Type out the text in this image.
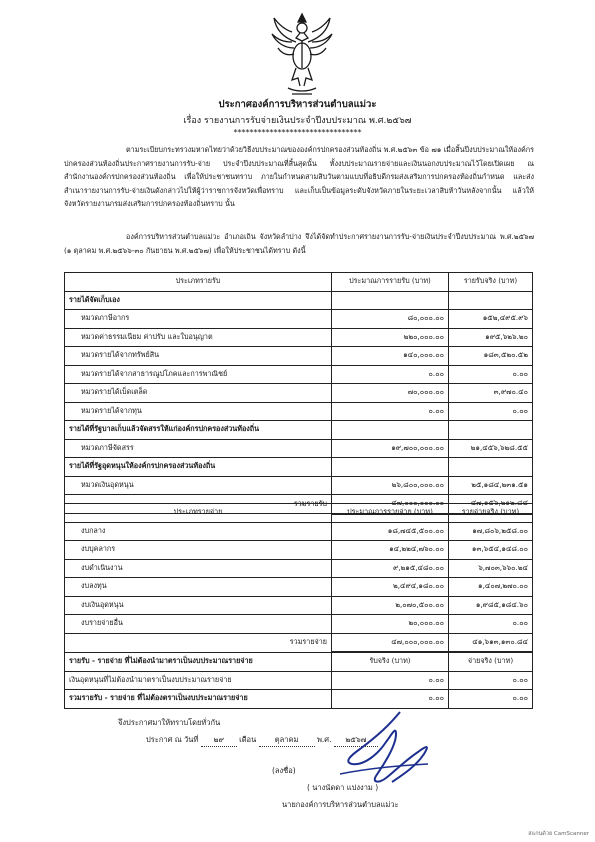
ประกาศองค์การบริหารส่วนตำบลแม่วะ
เรื่อง รายงานการรับจ่ายเงินประจำปีงบประมาณ พ.ศ.๒๕๖๗
********************************
ตามระเบียบกระทรวงมหาดไทยว่าด้วยวิธีงบประมาณขององค์กรปกครองส่วนท้องถิ่น พ.ศ.๒๕๖๓ ข้อ ๗๑ เมื่อสิ้นปีงบประมาณให้องค์กรปกครองส่วนท้องถิ่นประกาศรายงานการรับ-จ่าย ประจำปีงบประมาณที่สิ้นสุดนั้น ทั้งงบประมาณรายจ่ายและเงินนอกงบประมาณไว้โดยเปิดเผย ณ สำนักงานองค์กรปกครองส่วนท้องถิ่น เพื่อให้ประชาชนทราบ ภายในกำหนดสามสิบวันตามแบบที่อธิบดีกรมส่งเสริมการปกครองท้องถิ่นกำหนด และส่งสำเนารายงานการรับ-จ่ายเงินดังกล่าวไปให้ผู้ว่าราชการจังหวัดเพื่อทราบ และเก็บเป็นข้อมูลระดับจังหวัดภายในระยะเวลาสิบห้าวันหลังจากนั้น แล้วให้จังหวัดรายงานกรมส่งเสริมการปกครองท้องถิ่นทราบ นั้น
องค์การบริหารส่วนตำบลแม่วะ อำเภอเถิน จังหวัดลำปาง จึงได้จัดทำประกาศรายงานการรับ-จ่ายเงินประจำปีงบประมาณ พ.ศ.๒๕๖๗ (๑ ตุลาคม พ.ศ.๒๕๖๖-๓๐ กันยายน พ.ศ.๒๕๖๗) เพื่อให้ประชาชนได้ทราบ ดังนี้
ประเภทรายรับ	ประมาณการรายรับ (บาท)	รายรับจริง (บาท)
รายได้จัดเก็บเอง		
หมวดภาษีอากร	๘๐,๐๐๐.๐๐	๑๕๒,๔๙๕.๙๖
หมวดค่าธรรมเนียม ค่าปรับ และใบอนุญาต	๒๒๐,๐๐๐.๐๐	๑๙๕,๖๒๖.๒๐
หมวดรายได้จากทรัพย์สิน	๑๔๐,๐๐๐.๐๐	๑๘๓,๕๒๐.๕๒
หมวดรายได้จากสาธารณูปโภคและการพาณิชย์	๐.๐๐	๐.๐๐
หมวดรายได้เบ็ดเตล็ด	๗๐,๐๐๐.๐๐	๓,๙๗๐.๔๐
หมวดรายได้จากทุน	๐.๐๐	๐.๐๐
รายได้ที่รัฐบาลเก็บแล้วจัดสรรให้แก่องค์กรปกครองส่วนท้องถิ่น		
หมวดภาษีจัดสรร	๑๙,๗๐๐,๐๐๐.๐๐	๒๑,๔๕๖,๖๒๘.๕๕
รายได้ที่รัฐอุดหนุนให้องค์กรปกครองส่วนท้องถิ่น		
หมวดเงินอุดหนุน	๒๖,๘๐๐,๐๐๐.๐๐	๒๕,๑๘๔,๒๓๑.๕๑
รวมรายรับ	๔๗,๐๐๐,๐๐๐.๐๐	๔๗,๑๕๖,๒๑๒.๘๔
ประเภทรายจ่าย	ประมาณการรายจ่าย (บาท)	รายจ่ายจริง (บาท)
งบกลาง	๑๘,๗๔๕,๕๐๐.๐๐	๑๗,๘๐๖,๒๕๘.๐๐
งบบุคลากร	๑๔,๒๒๔,๗๖๐.๐๐	๑๓,๖๕๔,๑๔๘.๐๐
งบดำเนินงาน	๙,๒๑๕,๔๘๐.๐๐	๖,๗๐๓,๖๖๐.๒๔
งบลงทุน	๒,๔๙๔,๑๘๐.๐๐	๑,๔๐๗,๒๗๐.๐๐
งบเงินอุดหนุน	๒,๐๗๐,๕๐๐.๐๐	๑,๙๘๕,๑๘๔.๖๐
งบรายจ่ายอื่น	๒๐,๐๐๐.๐๐	๐.๐๐
รวมรายจ่าย	๔๗,๐๐๐,๐๐๐.๐๐	๔๑,๖๑๓,๑๓๐.๘๔
รายรับ - รายจ่าย ที่ไม่ต้องนำมาตราเป็นงบประมาณรายจ่าย	รับจริง (บาท)	จ่ายจริง (บาท)
เงินอุดหนุนที่ไม่ต้องนำมาตราเป็นงบประมาณรายจ่าย	๐.๐๐	๐.๐๐
รวมรายรับ - รายจ่าย ที่ไม่ต้องตราเป็นงบประมาณรายจ่าย	๐.๐๐	๐.๐๐
จึงประกาศมาให้ทราบโดยทั่วกัน
ประกาศ ณ วันที่ ๒๙ เดือน ตุลาคม พ.ศ. ๒๕๖๗
(ลงชื่อ)
( นางนัดดา แปงงาม )
นายกองค์การบริหารส่วนตำบลแม่วะ
สแกนด้วย CamScanner
